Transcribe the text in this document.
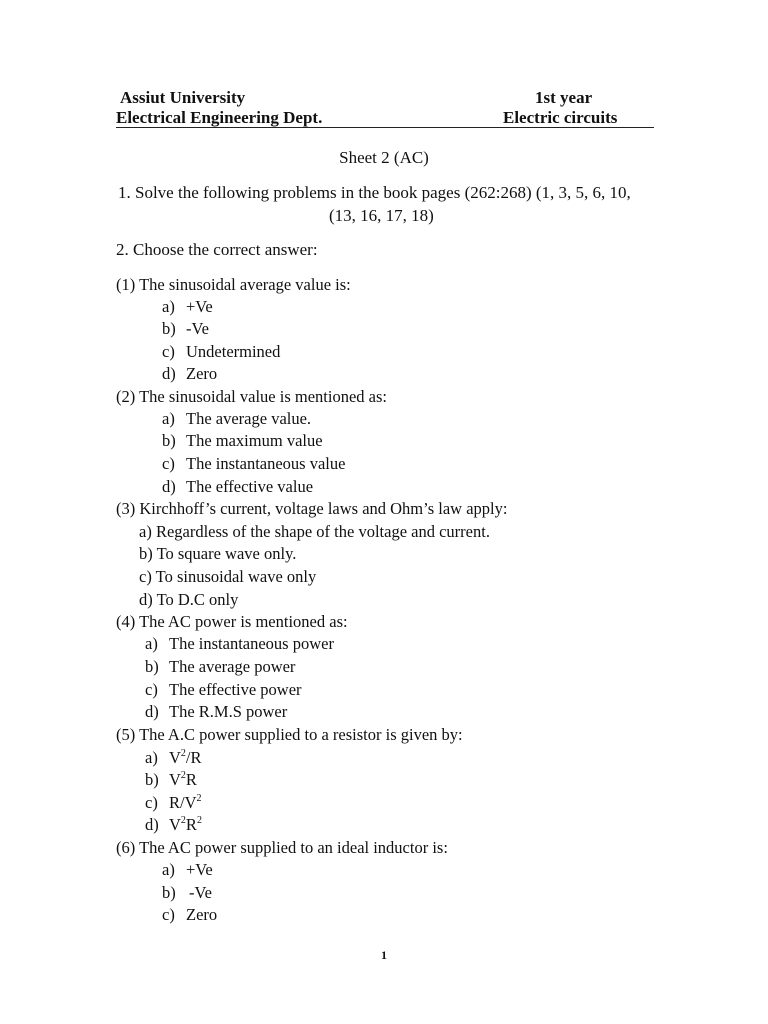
Assiut University
Electrical Engineering Dept.
1st year
Electric circuits
Sheet 2 (AC)
1. Solve the following problems in the book pages (262:268) (1, 3, 5, 6, 10,
(13, 16, 17, 18)
2. Choose the correct answer:
(1) The sinusoidal average value is:
a) +Ve
b) -Ve
c) Undetermined
d) Zero
(2) The sinusoidal value is mentioned as:
a) The average value.
b) The maximum value
c) The instantaneous value
d) The effective value
(3) Kirchhoff’s current, voltage laws and Ohm’s law apply:
a) Regardless of the shape of the voltage and current.
b) To square wave only.
c) To sinusoidal wave only
d) To D.C only
(4) The AC power is mentioned as:
a) The instantaneous power
b) The average power
c) The effective power
d) The R.M.S power
(5) The A.C power supplied to a resistor is given by:
a) $V^2/R$
b) $V^2R$
c) $R/V^2$
d) $V^2R^2$
(6) The AC power supplied to an ideal inductor is:
a) +Ve
b) -Ve
c) Zero
1
